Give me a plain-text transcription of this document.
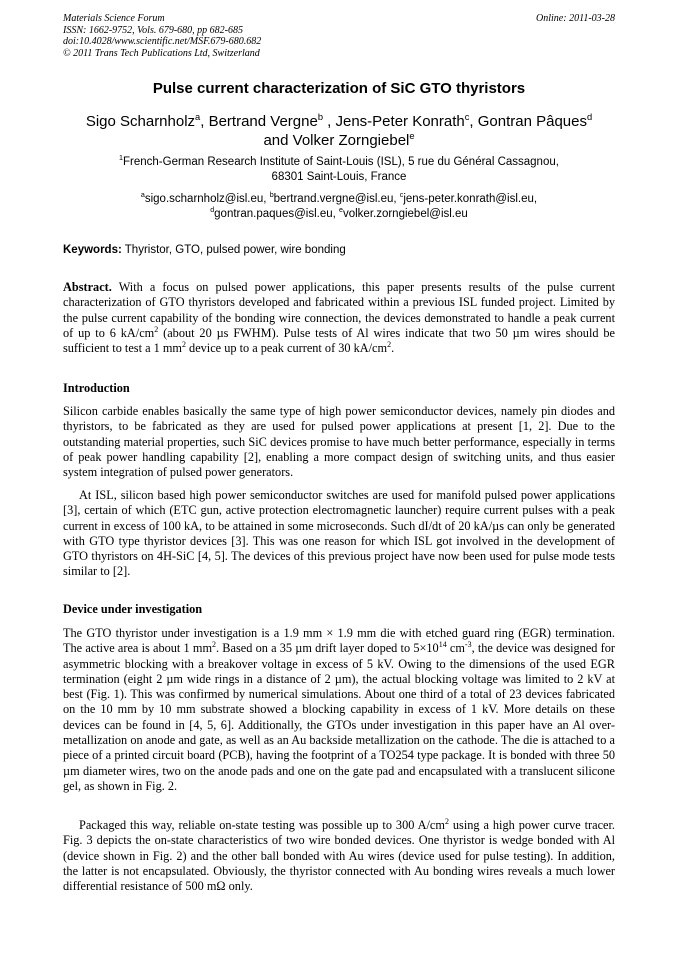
Materials Science Forum
ISSN: 1662-9752, Vols. 679-680, pp 682-685
doi:10.4028/www.scientific.net/MSF.679-680.682
© 2011 Trans Tech Publications Ltd, Switzerland
Online: 2011-03-28
Pulse current characterization of SiC GTO thyristors
Sigo Scharnholz$^a$, Bertrand Vergne$^b$ , Jens-Peter Konrath$^c$, Gontran Pâques$^d$
and Volker Zorngiebel$^e$
$^1$French-German Research Institute of Saint-Louis (ISL), 5 rue du Général Cassagnou,
68301 Saint-Louis, France
$^a$sigo.scharnholz@isl.eu, $^b$bertrand.vergne@isl.eu, $^c$jens-peter.konrath@isl.eu,
$^d$gontran.paques@isl.eu, $^e$volker.zorngiebel@isl.eu
Keywords: Thyristor, GTO, pulsed power, wire bonding
Abstract. With a focus on pulsed power applications, this paper presents results of the pulse current characterization of GTO thyristors developed and fabricated within a previous ISL funded project. Limited by the pulse current capability of the bonding wire connection, the devices demonstrated to handle a peak current of up to 6 $kA/cm^2$ (about 20 µs FWHM). Pulse tests of Al wires indicate that two 50 µm wires should be sufficient to test a 1 $mm^2$ device up to a peak current of 30 $kA/cm^2$.
Introduction
Silicon carbide enables basically the same type of high power semiconductor devices, namely pin diodes and thyristors, to be fabricated as they are used for pulsed power applications at present [1, 2]. Due to the outstanding material properties, such SiC devices promise to have much better performance, especially in terms of peak power handling capability [2], enabling a more compact design of switching units, and thus easier system integration of pulsed power generators.
At ISL, silicon based high power semiconductor switches are used for manifold pulsed power applications [3], certain of which (ETC gun, active protection electromagnetic launcher) require current pulses with a peak current in excess of 100 kA, to be attained in some microseconds. Such dI/dt of 20 kA/µs can only be generated with GTO type thyristor devices [3]. This was one reason for which ISL got involved in the development of GTO thyristors on 4H-SiC [4, 5]. The devices of this previous project have now been used for pulse mode tests similar to [2].
Device under investigation
The GTO thyristor under investigation is a 1.9 mm × 1.9 mm die with etched guard ring (EGR) termination. The active area is about 1 $mm^2$. Based on a 35 µm drift layer doped to $5\times 10^{14}$ $cm^{-3}$, the device was designed for asymmetric blocking with a breakover voltage in excess of 5 kV. Owing to the dimensions of the used EGR termination (eight 2 µm wide rings in a distance of 2 µm), the actual blocking voltage was limited to 2 kV at best (Fig. 1). This was confirmed by numerical simulations. About one third of a total of 23 devices fabricated on the 10 mm by 10 mm substrate showed a blocking capability in excess of 1 kV. More details on these devices can be found in [4, 5, 6]. Additionally, the GTOs under investigation in this paper have an Al over-metallization on anode and gate, as well as an Au backside metallization on the cathode. The die is attached to a piece of a printed circuit board (PCB), having the footprint of a TO254 type package. It is bonded with three 50 µm diameter wires, two on the anode pads and one on the gate pad and encapsulated with a translucent silicone gel, as shown in Fig. 2.
Packaged this way, reliable on-state testing was possible up to 300 $A/cm^2$ using a high power curve tracer. Fig. 3 depicts the on-state characteristics of two wire bonded devices. One thyristor is wedge bonded with Al (device shown in Fig. 2) and the other ball bonded with Au wires (device used for pulse testing). In addition, the latter is not encapsulated. Obviously, the thyristor connected with Au bonding wires reveals a much lower differential resistance of 500 mΩ only.
